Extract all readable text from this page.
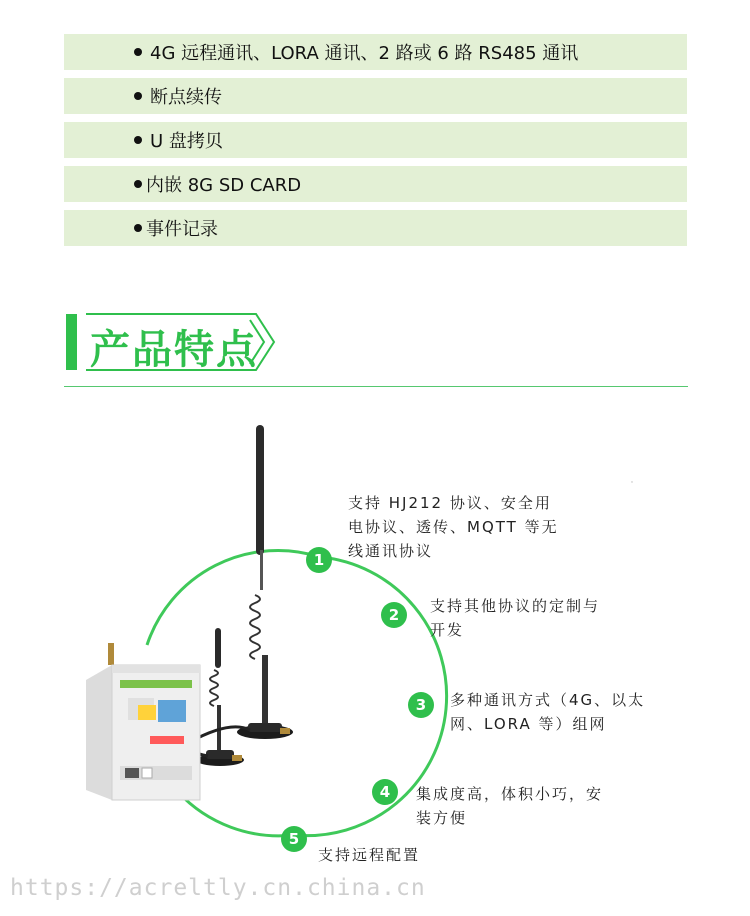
4G 远程通讯、LORA 通讯、2 路或 6 路 RS485 通讯
断点续传
U 盘拷贝
内嵌 8G SD CARD
事件记录
产品特点
1
2
3
4
5
支持 HJ212 协议、安全用
电协议、透传、MQTT 等无
线通讯协议
支持其他协议的定制与
开发
多种通讯方式（4G、以太
网、LORA 等）组网
集成度高，体积小巧，安
装方便
支持远程配置
https://acreltly.cn.china.cn
